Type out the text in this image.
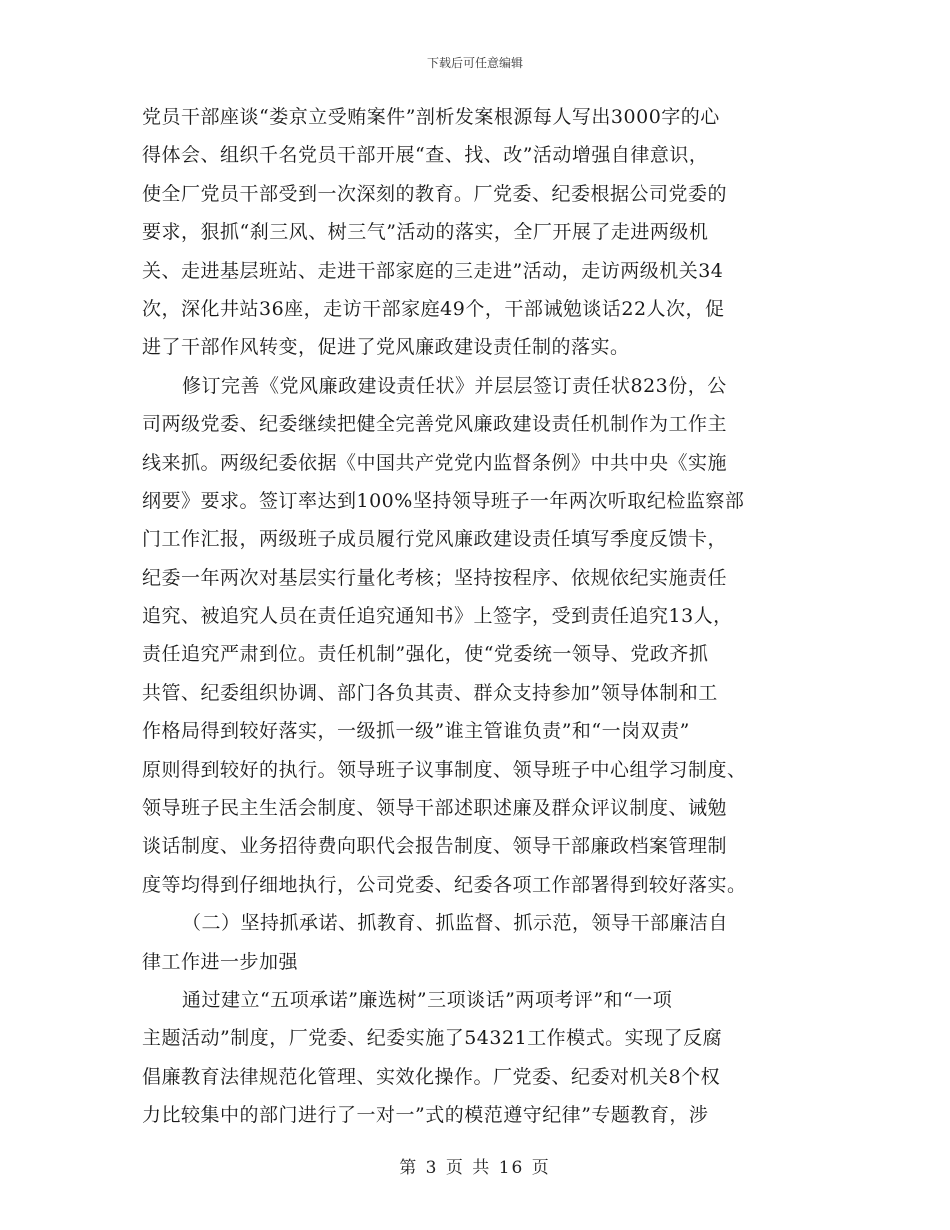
下载后可任意编辑
党员干部座谈“娄京立受贿案件”剖析发案根源每人写出3000字的心
得体会、组织千名党员干部开展“查、找、改”活动增强自律意识，
使全厂党员干部受到一次深刻的教育。厂党委、纪委根据公司党委的
要求，狠抓“刹三风、树三气”活动的落实，全厂开展了走进两级机
关、走进基层班站、走进干部家庭的三走进”活动，走访两级机关34
次，深化井站36座，走访干部家庭49个，干部诫勉谈话22人次，促
进了干部作风转变，促进了党风廉政建设责任制的落实。
修订完善《党风廉政建设责任状》并层层签订责任状823份，公
司两级党委、纪委继续把健全完善党风廉政建设责任机制作为工作主
线来抓。两级纪委依据《中国共产党党内监督条例》中共中央《实施
纲要》要求。签订率达到100%坚持领导班子一年两次听取纪检监察部
门工作汇报，两级班子成员履行党风廉政建设责任填写季度反馈卡，
纪委一年两次对基层实行量化考核；坚持按程序、依规依纪实施责任
追究、被追究人员在责任追究通知书》上签字，受到责任追究13人，
责任追究严肃到位。责任机制”强化，使“党委统一领导、党政齐抓
共管、纪委组织协调、部门各负其责、群众支持参加”领导体制和工
作格局得到较好落实，一级抓一级”谁主管谁负责”和“一岗双责”
原则得到较好的执行。领导班子议事制度、领导班子中心组学习制度、
领导班子民主生活会制度、领导干部述职述廉及群众评议制度、诫勉
谈话制度、业务招待费向职代会报告制度、领导干部廉政档案管理制
度等均得到仔细地执行，公司党委、纪委各项工作部署得到较好落实。
（二）坚持抓承诺、抓教育、抓监督、抓示范，领导干部廉洁自
律工作进一步加强
通过建立“五项承诺”廉选树”三项谈话”两项考评”和“一项
主题活动”制度，厂党委、纪委实施了54321工作模式。实现了反腐
倡廉教育法律规范化管理、实效化操作。厂党委、纪委对机关8个权
力比较集中的部门进行了一对一”式的模范遵守纪律”专题教育，涉
第 3 页 共 16 页
